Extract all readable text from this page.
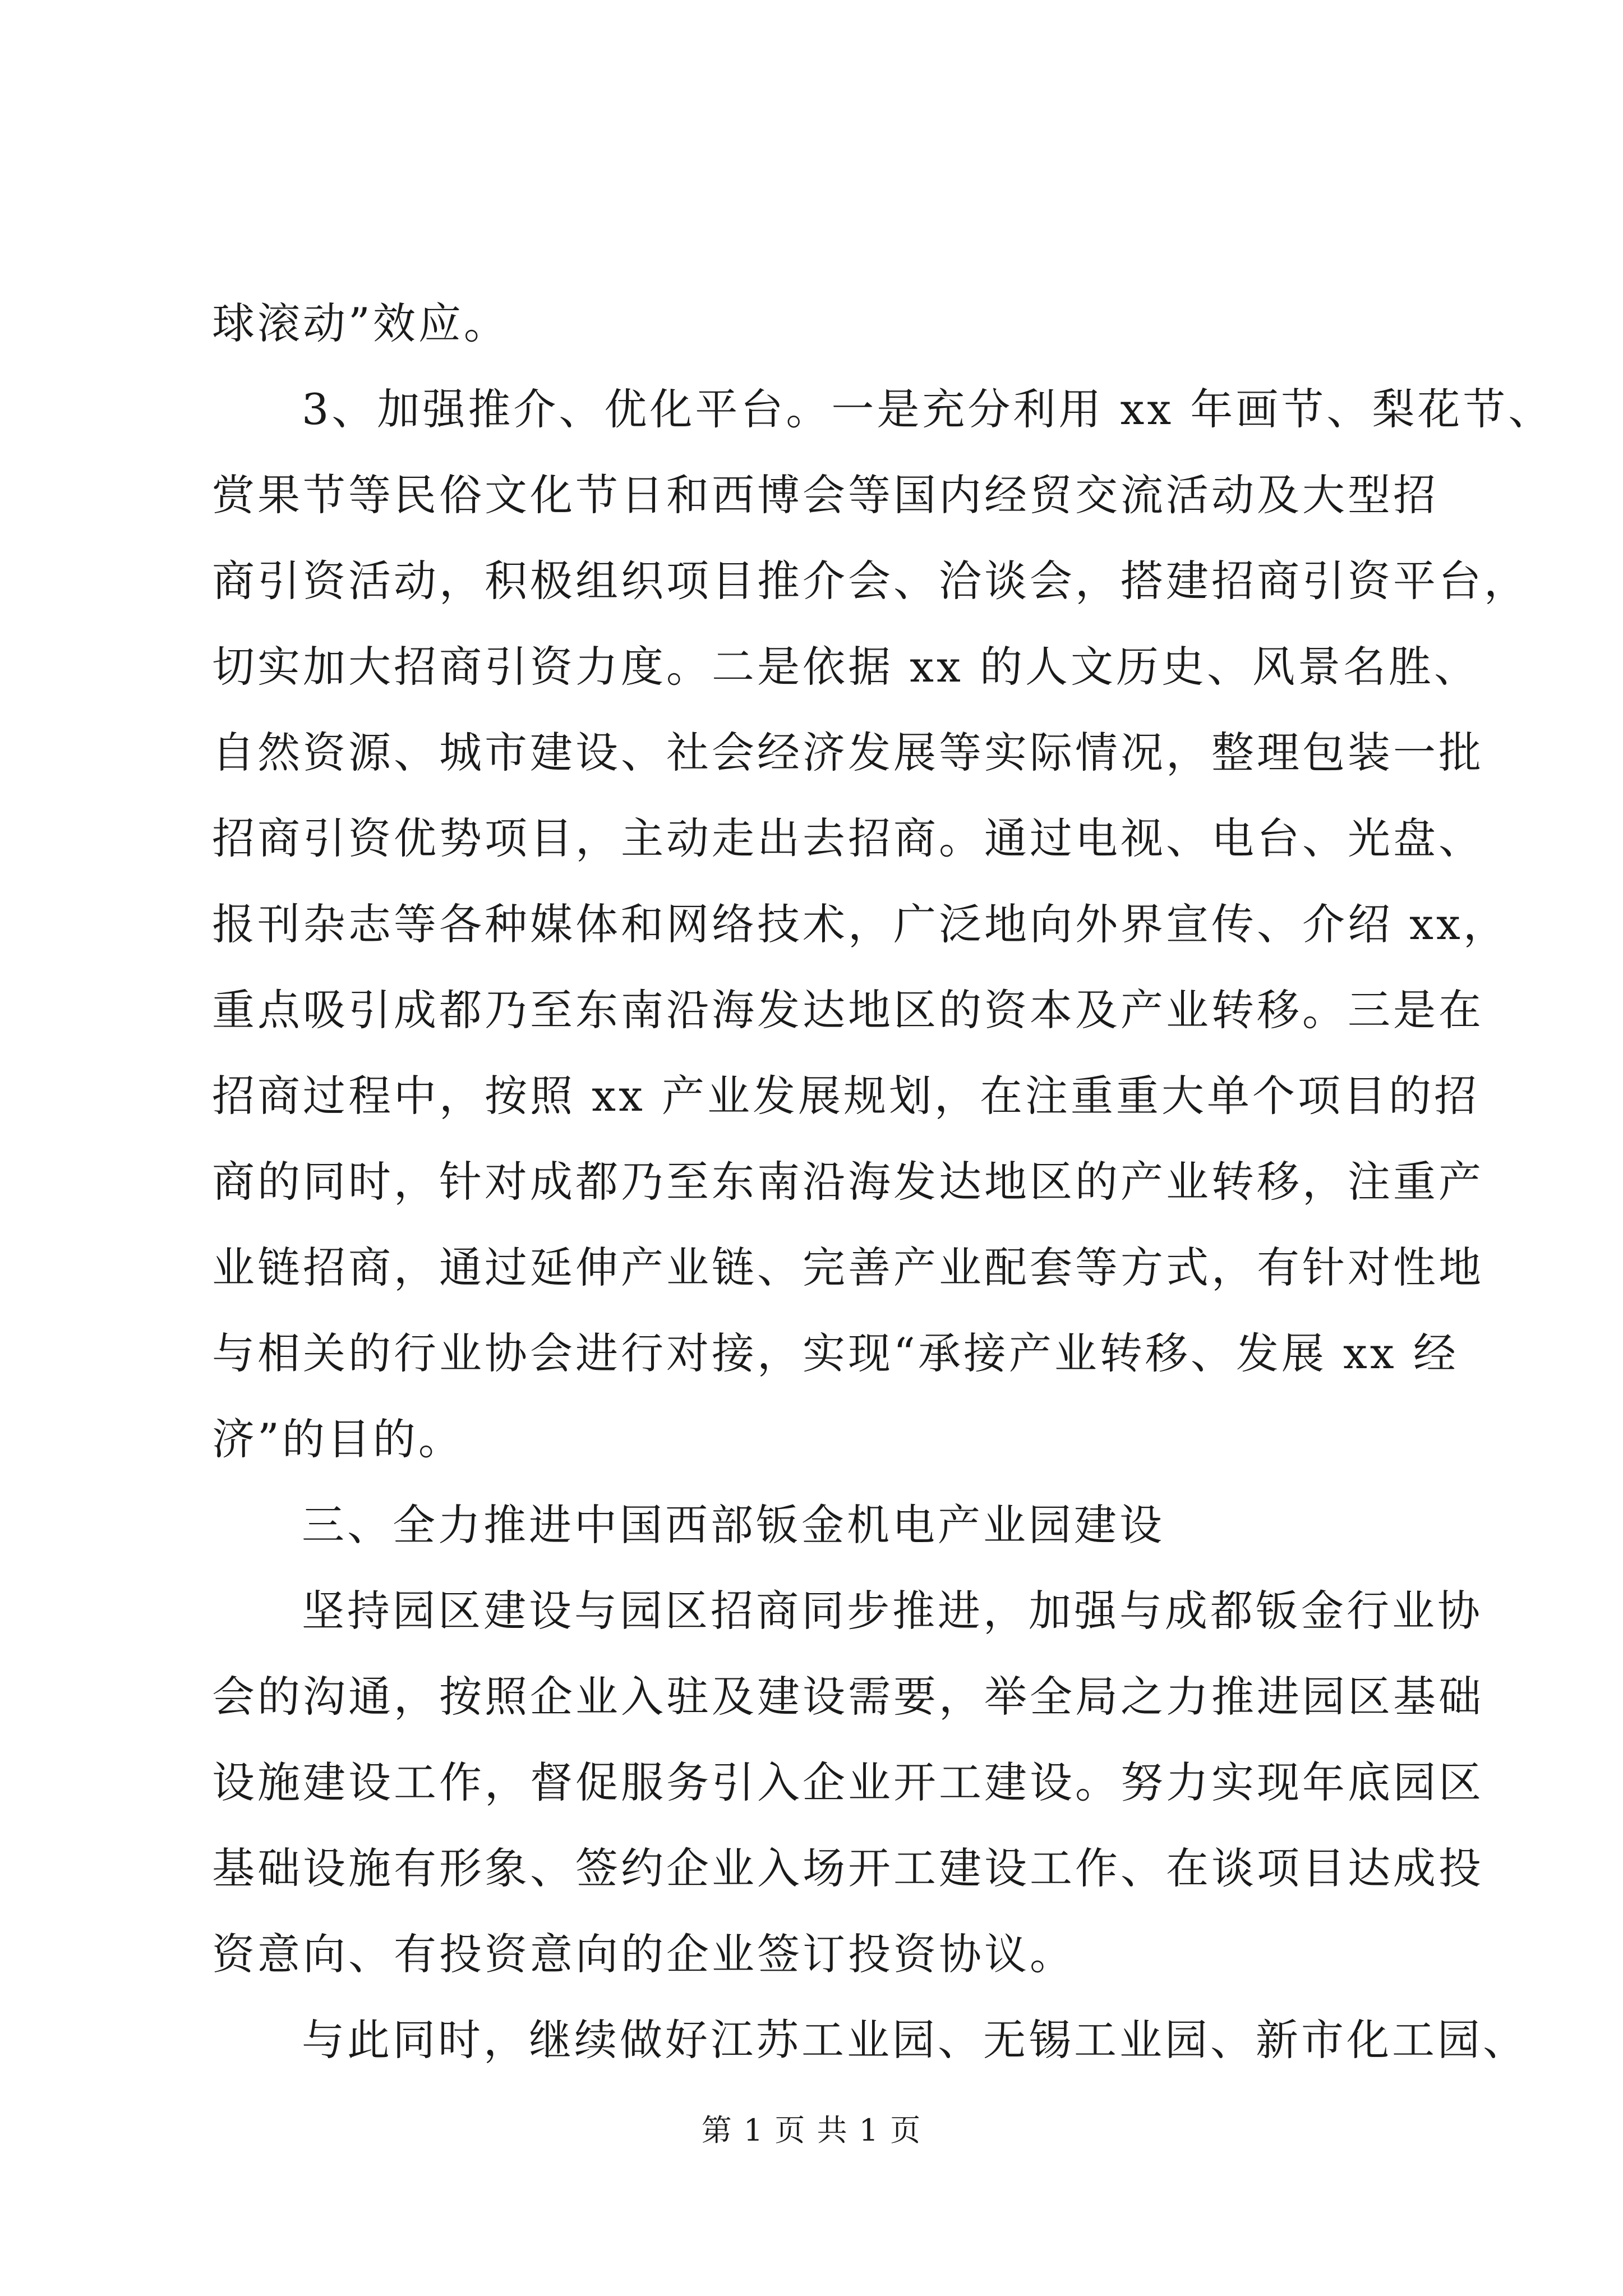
球滚动”效应。
3、加强推介、优化平台。一是充分利用 xx 年画节、梨花节、
赏果节等民俗文化节日和西博会等国内经贸交流活动及大型招
商引资活动，积极组织项目推介会、洽谈会，搭建招商引资平台，
切实加大招商引资力度。二是依据 xx 的人文历史、风景名胜、
自然资源、城市建设、社会经济发展等实际情况，整理包装一批
招商引资优势项目，主动走出去招商。通过电视、电台、光盘、
报刊杂志等各种媒体和网络技术，广泛地向外界宣传、介绍 xx，
重点吸引成都乃至东南沿海发达地区的资本及产业转移。三是在
招商过程中，按照 xx 产业发展规划，在注重重大单个项目的招
商的同时，针对成都乃至东南沿海发达地区的产业转移，注重产
业链招商，通过延伸产业链、完善产业配套等方式，有针对性地
与相关的行业协会进行对接，实现“承接产业转移、发展 xx 经
济”的目的。
三、全力推进中国西部钣金机电产业园建设
坚持园区建设与园区招商同步推进，加强与成都钣金行业协
会的沟通，按照企业入驻及建设需要，举全局之力推进园区基础
设施建设工作，督促服务引入企业开工建设。努力实现年底园区
基础设施有形象、签约企业入场开工建设工作、在谈项目达成投
资意向、有投资意向的企业签订投资协议。
与此同时，继续做好江苏工业园、无锡工业园、新市化工园、
第 1 页 共 1 页
